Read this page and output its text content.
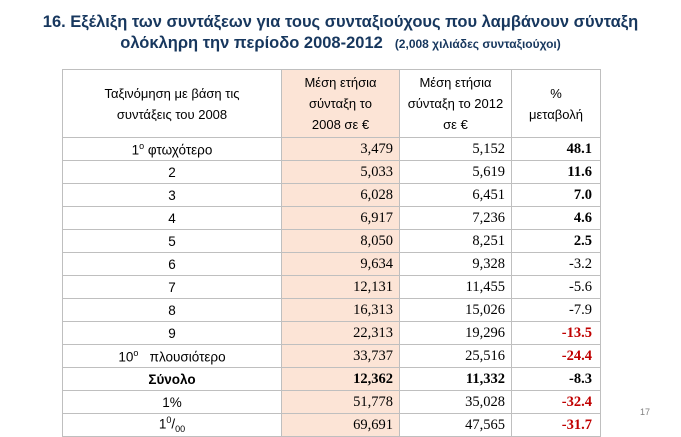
16. Εξέλιξη των συντάξεων για τους συνταξιούχους που λαμβάνουν σύνταξη
ολόκληρη την περίοδο 2008-2012 (2,008 χιλιάδες συνταξιούχοι)
Ταξινόμηση με βάση τις συντάξεις του 2008	Μέση ετήσια σύνταξη το 2008 σε €	Μέση ετήσια σύνταξη το 2012 σε €	% μεταβολή

$1^o$ φτωχότερο	3,479	5,152	48.1
2	5,033	5,619	11.6
3	6,028	6,451	7.0
4	6,917	7,236	4.6
5	8,050	8,251	2.5
6	9,634	9,328	-3.2
7	12,131	11,455	-5.6
8	16,313	15,026	-7.9
9	22,313	19,296	-13.5
$10^o$   πλουσιότερο	33,737	25,516	-24.4
Σύνολο	12,362	11,332	-8.3
1%	51,778	35,028	-32.4
$1^0/_{00}$	69,691	47,565	-31.7
17
